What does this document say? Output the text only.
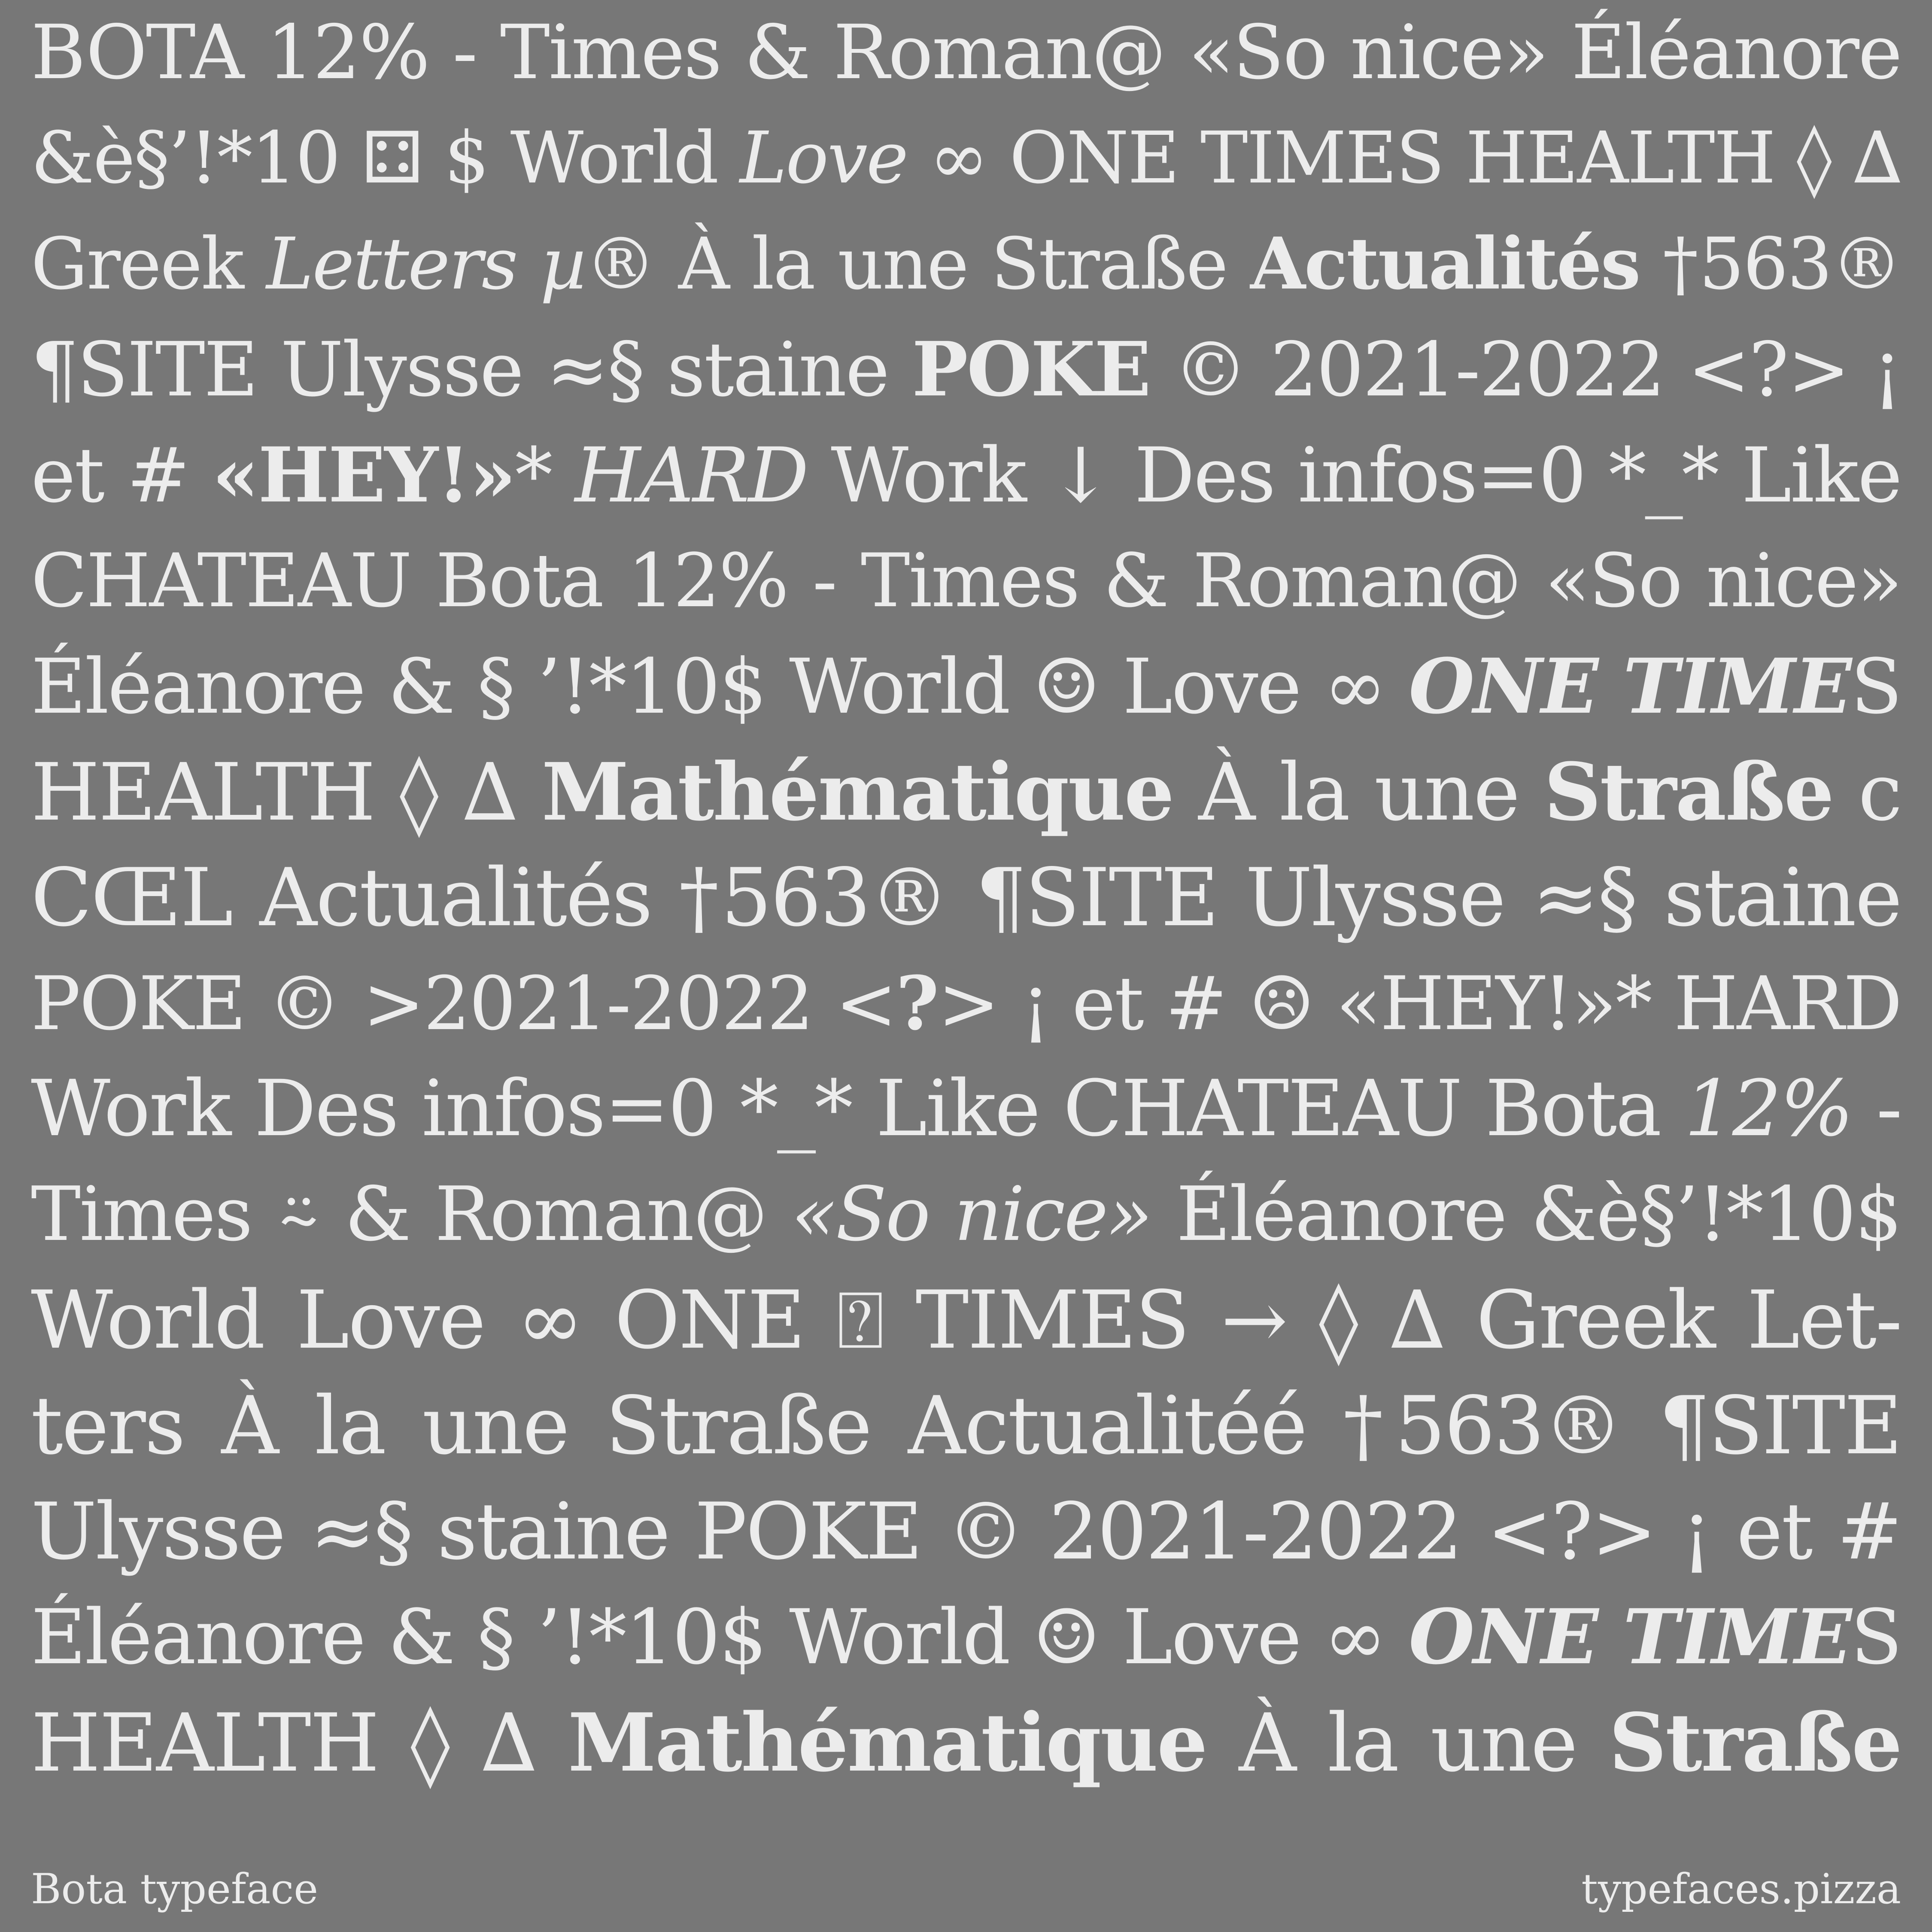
BOTA 12% - Times & Roman@ «So nice» Éléanore
&è§’!*10 ⚃ $ World Love ∞ ONE TIMES HEALTH ◊ ∆
Greek Letters µ® À la une Straße Actualités †563®
¶SITE Ulysse ≈§ staine POKE © 2021-2022 <?> ¡
et # «HEY!»* HARD Work ↓ Des infos=0 *_* Like
CHATEAU Bota 12% - Times & Roman@ «So nice»
Éléanore & § ’!*10$ World ☺ Love ∞ ONE TIMES
HEALTH ◊ ∆ Mathématique À la une Straße c
CŒL Actualités †563® ¶SITE Ulysse ≈§ staine
POKE © >2021-2022 <?> ¡ et # ☹ «HEY!»* HARD
Work Des infos=0 *_* Like CHATEAU Bota 12% -
Times ⍨ & Roman@ «So nice» Éléanore &è§’!*10$
World Love ∞ ONE ⍰ TIMES → ◊ ∆ Greek Let-
ters À la une Straße Actualitéé †563® ¶SITE
Ulysse ≈§ staine POKE © 2021-2022 <?> ¡ et #
Éléanore & § ’!*10$ World ☺ Love ∞ ONE TIMES
HEALTH ◊ ∆ Mathématique À la une Straße
Bota typeface	typefaces.pizza
